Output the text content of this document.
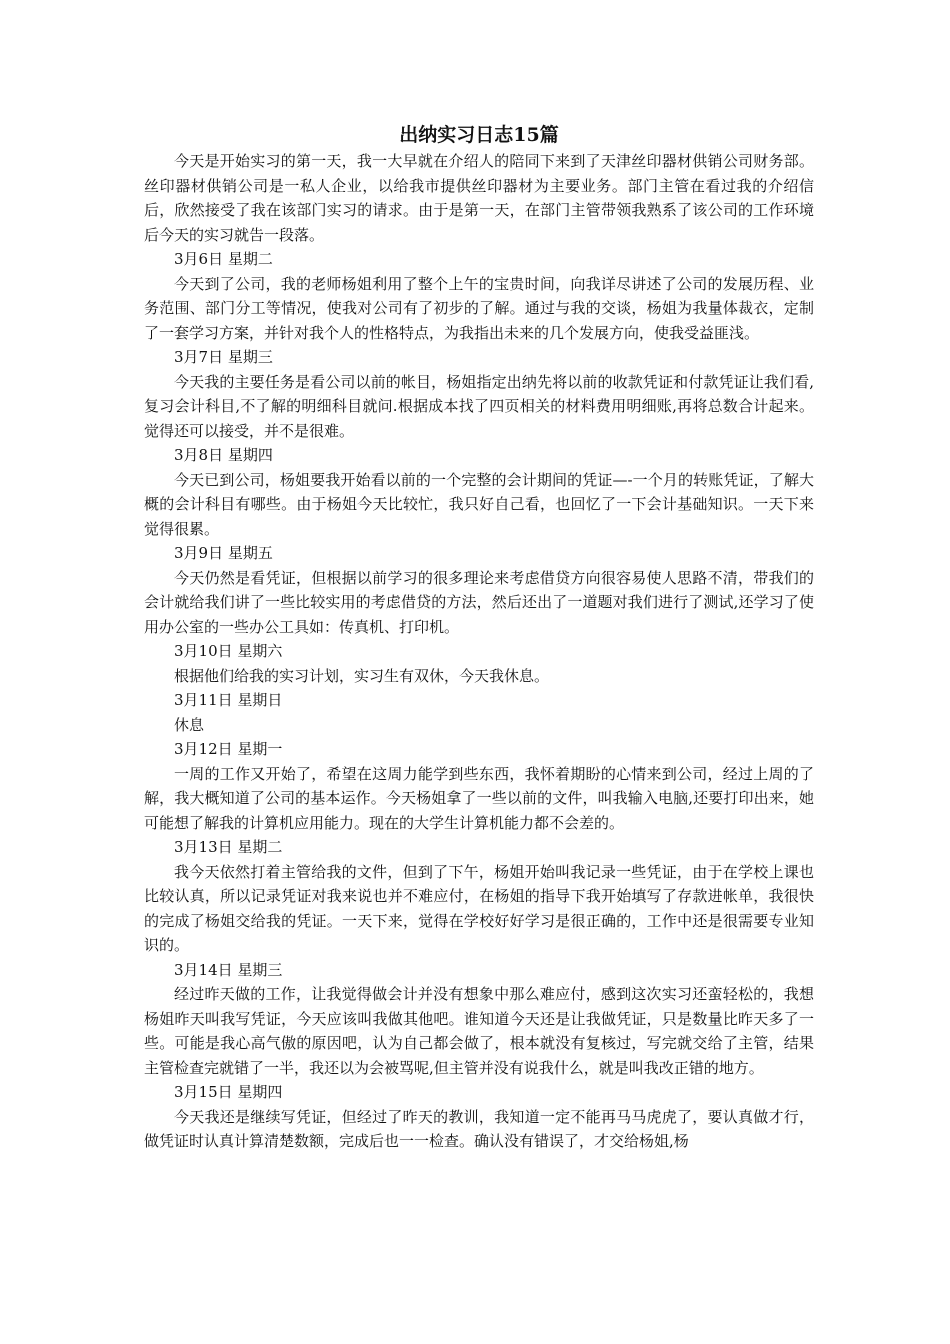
出纳实习日志15篇

今天是开始实习的第一天，我一大早就在介绍人的陪同下来到了天津丝印器材供销公司财务部。丝印器材供销公司是一私人企业，以给我市提供丝印器材为主要业务。部门主管在看过我的介绍信后，欣然接受了我在该部门实习的请求。由于是第一天，在部门主管带领我熟系了该公司的工作环境后今天的实习就告一段落。

3月6日 星期二

今天到了公司，我的老师杨姐利用了整个上午的宝贵时间，向我详尽讲述了公司的发展历程、业务范围、部门分工等情况，使我对公司有了初步的了解。通过与我的交谈，杨姐为我量体裁衣，定制了一套学习方案，并针对我个人的性格特点，为我指出未来的几个发展方向，使我受益匪浅。

3月7日 星期三

今天我的主要任务是看公司以前的帐目，杨姐指定出纳先将以前的收款凭证和付款凭证让我们看,复习会计科目,不了解的明细科目就问.根据成本找了四页相关的材料费用明细账,再将总数合计起来。觉得还可以接受，并不是很难。

3月8日 星期四

今天已到公司，杨姐要我开始看以前的一个完整的会计期间的凭证—-一个月的转账凭证，了解大概的会计科目有哪些。由于杨姐今天比较忙，我只好自己看，也回忆了一下会计基础知识。一天下来觉得很累。

3月9日 星期五

今天仍然是看凭证，但根据以前学习的很多理论来考虑借贷方向很容易使人思路不清，带我们的会计就给我们讲了一些比较实用的考虑借贷的方法，然后还出了一道题对我们进行了测试,还学习了使用办公室的一些办公工具如：传真机、打印机。

3月10日 星期六

根据他们给我的实习计划，实习生有双休，今天我休息。

3月11日 星期日

休息

3月12日 星期一

一周的工作又开始了，希望在这周力能学到些东西，我怀着期盼的心情来到公司，经过上周的了解，我大概知道了公司的基本运作。今天杨姐拿了一些以前的文件，叫我输入电脑,还要打印出来，她可能想了解我的计算机应用能力。现在的大学生计算机能力都不会差的。

3月13日 星期二

我今天依然打着主管给我的文件，但到了下午，杨姐开始叫我记录一些凭证，由于在学校上课也比较认真，所以记录凭证对我来说也并不难应付，在杨姐的指导下我开始填写了存款进帐单，我很快的完成了杨姐交给我的凭证。一天下来，觉得在学校好好学习是很正确的，工作中还是很需要专业知识的。

3月14日 星期三

经过昨天做的工作，让我觉得做会计并没有想象中那么难应付，感到这次实习还蛮轻松的，我想杨姐昨天叫我写凭证，今天应该叫我做其他吧。谁知道今天还是让我做凭证，只是数量比昨天多了一些。可能是我心高气傲的原因吧，认为自己都会做了，根本就没有复核过，写完就交给了主管，结果主管检查完就错了一半，我还以为会被骂呢,但主管并没有说我什么，就是叫我改正错的地方。

3月15日 星期四

今天我还是继续写凭证，但经过了昨天的教训，我知道一定不能再马马虎虎了，要认真做才行，做凭证时认真计算清楚数额，完成后也一一检查。确认没有错误了，才交给杨姐,杨
